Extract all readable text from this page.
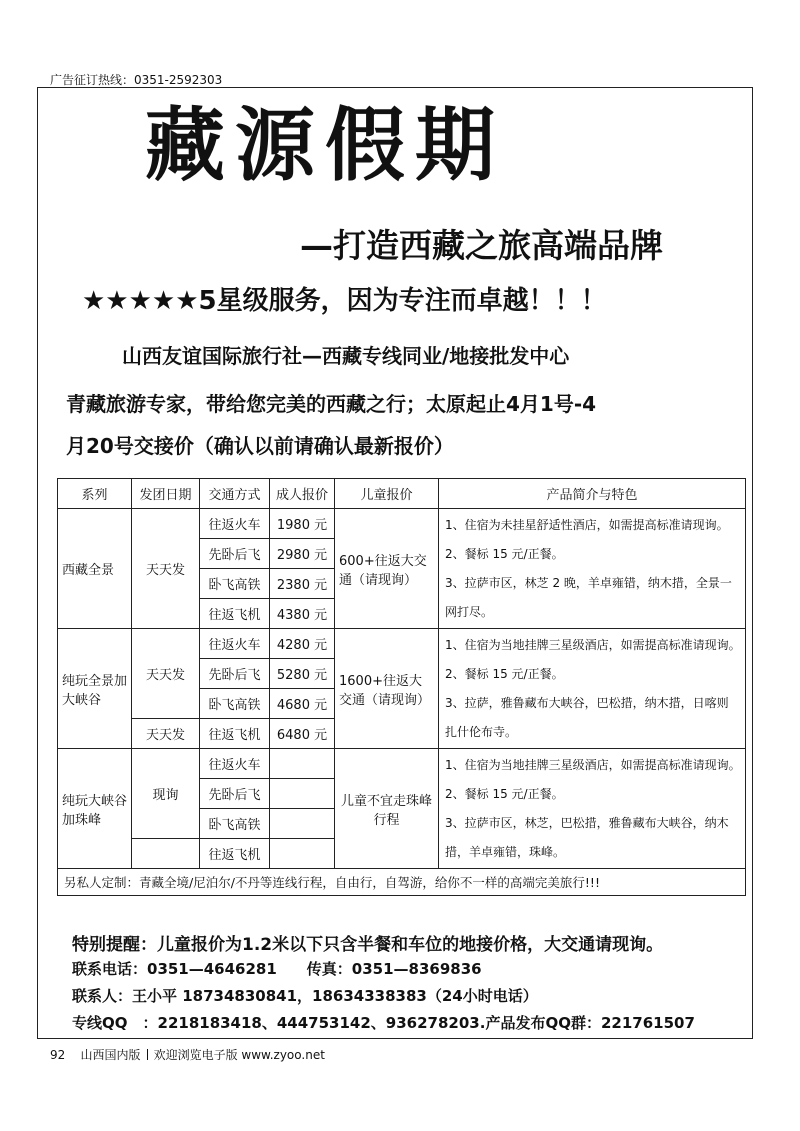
广告征订热线：0351-2592303
藏源假期
—打造西藏之旅高端品牌
★★★★★5星级服务，因为专注而卓越！！！
山西友谊国际旅行社—西藏专线同业/地接批发中心
青藏旅游专家，带给您完美的西藏之行；太原起止4月1号-4
月20号交接价（确认以前请确认最新报价）
系列	发团日期	交通方式	成人报价	儿童报价	产品简介与特色
西藏全景	天天发	往返火车	1980 元	600+往返大交通（请现询）	1、住宿为未挂星舒适性酒店，如需提高标准请现询。
2、餐标 15 元/正餐。
3、拉萨市区，林芝 2 晚，羊卓雍错，纳木措，全景一
网打尽。

		先卧后飞	2980 元		
		卧飞高铁	2380 元		
		往返飞机	4380 元		
纯玩全景加大峡谷	天天发	往返火车	4280 元	1600+往返大交通（请现询）	1、住宿为当地挂牌三星级酒店，如需提高标准请现询。
2、餐标 15 元/正餐。
3、拉萨，雅鲁藏布大峡谷，巴松措，纳木措，日喀则
扎什伦布寺。

		先卧后飞	5280 元		
		卧飞高铁	4680 元		
	天天发	往返飞机	6480 元		
纯玩大峡谷加珠峰	现询	往返火车		儿童不宜走珠峰行程	1、住宿为当地挂牌三星级酒店，如需提高标准请现询。
2、餐标 15 元/正餐。
3、拉萨市区，林芝，巴松措，雅鲁藏布大峡谷，纳木
措，羊卓雍错，珠峰。

		先卧后飞			
		卧飞高铁			
		往返飞机			
另私人定制：青藏全境/尼泊尔/不丹等连线行程，自由行，自驾游，给你不一样的高端完美旅行!!!					
特别提醒：儿童报价为1.2米以下只含半餐和车位的地接价格，大交通请现询。
联系电话：0351—4646281　　传真：0351—8369836
联系人：王小平 18734830841，18634338383（24小时电话）
专线QQ　：2218183418、444753142、936278203.产品发布QQ群：221761507
92 山西国内版 欢迎浏览电子版 www.zyoo.net
